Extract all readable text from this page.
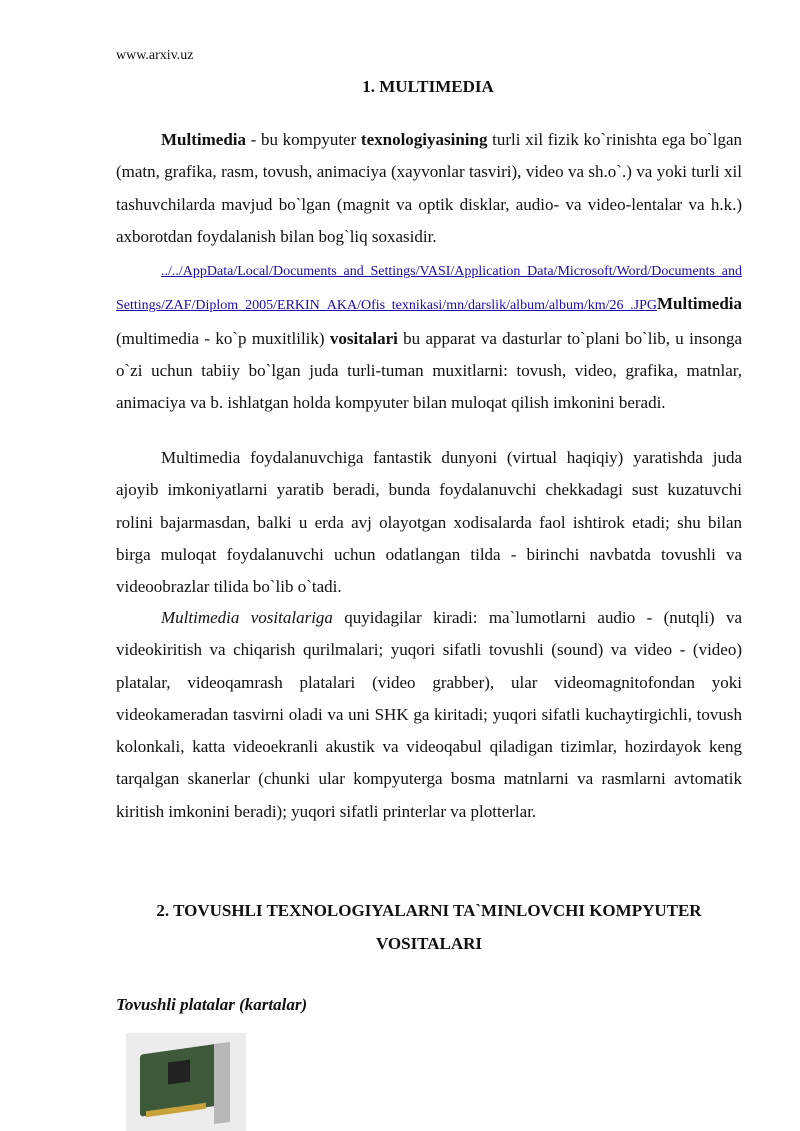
www.arxiv.uz
1. MULTIMEDIA
Multimedia - bu kompyuter texnologiyasining turli xil fizik ko`rinishta ega bo`lgan (matn, grafika, rasm, tovush, animaciya (xayvonlar tasviri), video va sh.o`.) va yoki turli xil tashuvchilarda mavjud bo`lgan (magnit va optik disklar, audio- va video-lentalar va h.k.) axborotdan foydalanish bilan bog`liq soxasidir.
../../AppData/Local/Documents and Settings/VASI/Application Data/Microsoft/Word/Documents and Settings/ZAF/Diplom_2005/ERKIN_AKA/Ofis texnikasi/mn/darslik/album/album/km/26 .JPGMultimedia (multimedia - ko`p muxitlilik) vositalari bu apparat va dasturlar to`plani bo`lib, u insonga o`zi uchun tabiiy bo`lgan juda turli-tuman muxitlarni: tovush, video, grafika, matnlar, animaciya va b. ishlatgan holda kompyuter bilan muloqat qilish imkonini beradi.
Multimedia foydalanuvchiga fantastik dunyoni (virtual haqiqiy) yaratishda juda ajoyib imkoniyatlarni yaratib beradi, bunda foydalanuvchi chekkadagi sust kuzatuvchi rolini bajarmasdan, balki u erda avj olayotgan xodisalarda faol ishtirok etadi; shu bilan birga muloqat foydalanuvchi uchun odatlangan tilda - birinchi navbatda tovushli va videoobrazlar tilida bo`lib o`tadi.
Multimedia vositalariga quyidagilar kiradi: ma`lumotlarni audio - (nutqli) va videokiritish va chiqarish qurilmalari; yuqori sifatli tovushli (sound) va video - (video) platalar, videoqamrash platalari (video grabber), ular videomagnitofondan yoki videokameradan tasvirni oladi va uni SHK ga kiritadi; yuqori sifatli kuchaytirgichli, tovush kolonkali, katta videoekranli akustik va videoqabul qiladigan tizimlar, hozirdayok keng tarqalgan skanerlar (chunki ular kompyuterga bosma matnlarni va rasmlarni avtomatik kiritish imkonini beradi); yuqori sifatli printerlar va plotterlar.
2. TOVUSHLI TEXNOLOGIYALARNI TA`MINLOVCHI KOMPYUTER VOSITALARI
Tovushli platalar (kartalar)
